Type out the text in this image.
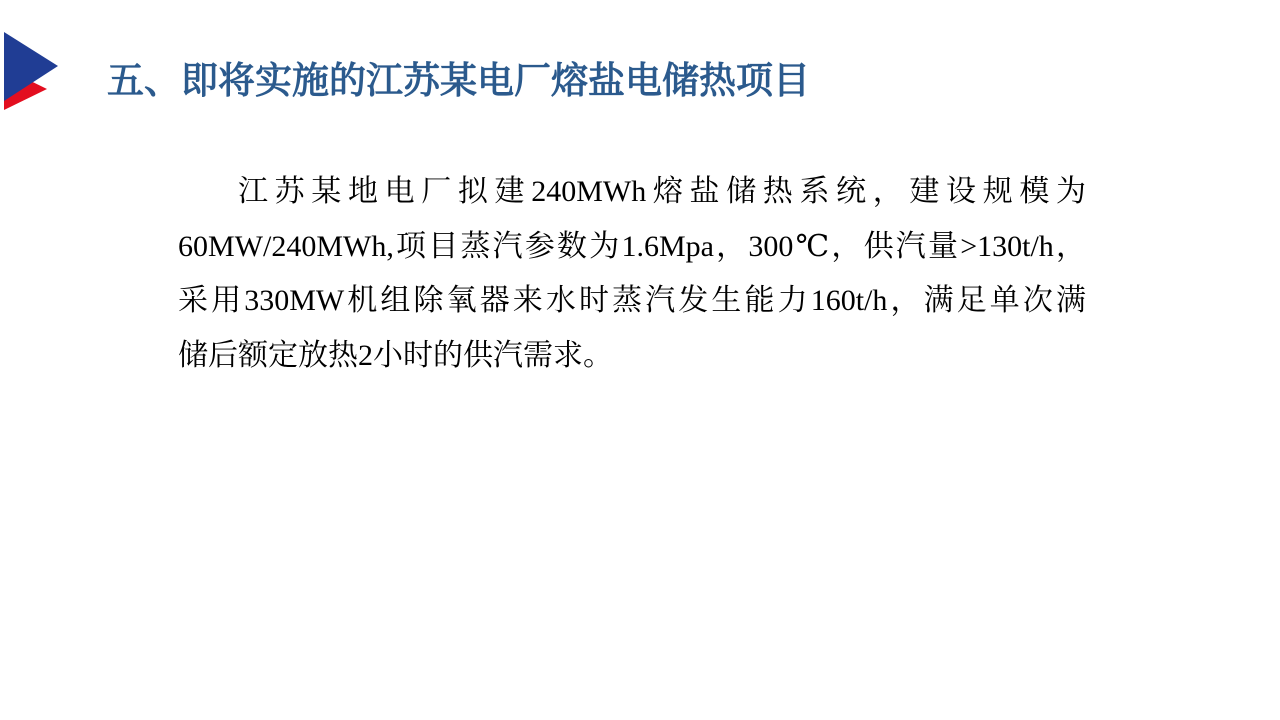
五、即将实施的江苏某电厂熔盐电储热项目
江苏某地电厂拟建240MWh熔盐储热系统，建设规模为
60MW/240MWh,项目蒸汽参数为1.6Mpa，300℃，供汽量>130t/h，
采用330MW机组除氧器来水时蒸汽发生能力160t/h，满足单次满
储后额定放热2小时的供汽需求。
